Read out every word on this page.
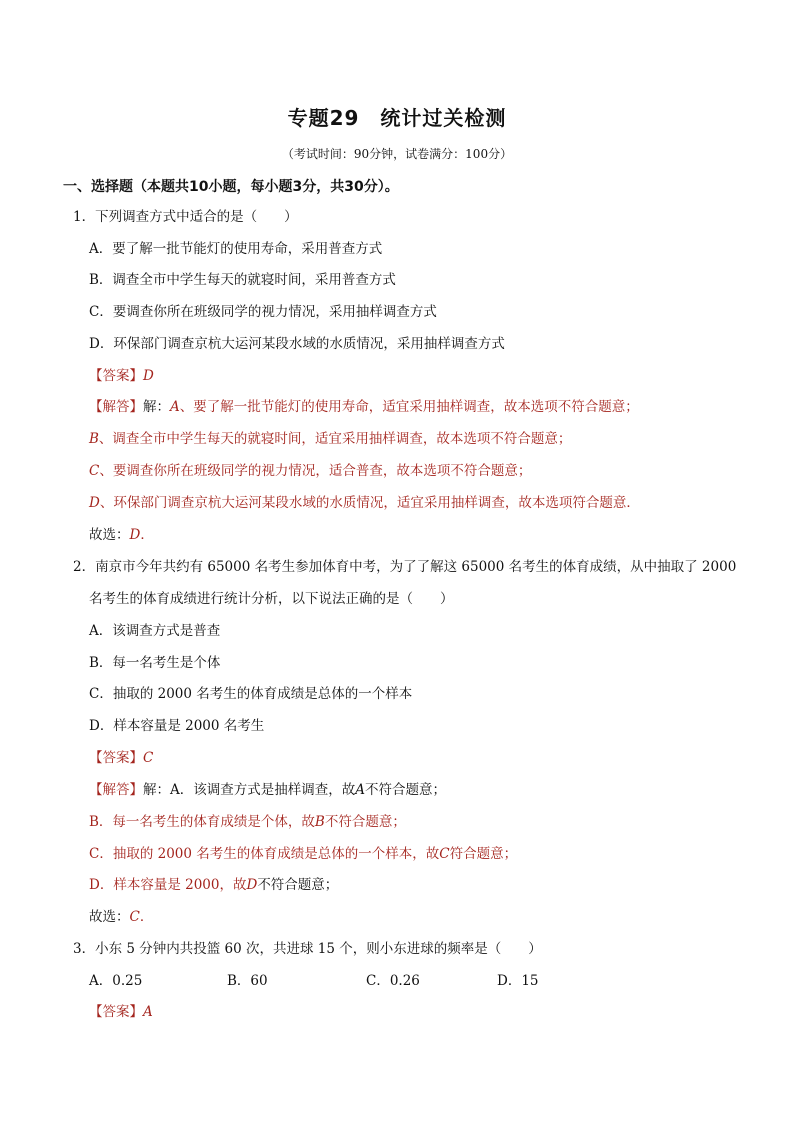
专题29　统计过关检测
（考试时间：90分钟，试卷满分：100分）
一、选择题（本题共10小题，每小题3分，共30分）。
1．下列调查方式中适合的是（　　）
A．要了解一批节能灯的使用寿命，采用普查方式
B．调查全市中学生每天的就寝时间，采用普查方式
C．要调查你所在班级同学的视力情况，采用抽样调查方式
D．环保部门调查京杭大运河某段水域的水质情况，采用抽样调查方式
【答案】D
【解答】解：A、要了解一批节能灯的使用寿命，适宜采用抽样调查，故本选项不符合题意；
B、调查全市中学生每天的就寝时间，适宜采用抽样调查，故本选项不符合题意；
C、要调查你所在班级同学的视力情况，适合普查，故本选项不符合题意；
D、环保部门调查京杭大运河某段水域的水质情况，适宜采用抽样调查，故本选项符合题意．
故选：D．
2．南京市今年共约有 65000 名考生参加体育中考，为了了解这 65000 名考生的体育成绩，从中抽取了 2000
名考生的体育成绩进行统计分析，以下说法正确的是（　　）
A．该调查方式是普查
B．每一名考生是个体
C．抽取的 2000 名考生的体育成绩是总体的一个样本
D．样本容量是 2000 名考生
【答案】C
【解答】解：A．该调查方式是抽样调查，故A不符合题意；
B．每一名考生的体育成绩是个体，故B不符合题意；
C．抽取的 2000 名考生的体育成绩是总体的一个样本，故C符合题意；
D．样本容量是 2000，故D不符合题意；
故选：C．
3．小东 5 分钟内共投篮 60 次，共进球 15 个，则小东进球的频率是（　　）
A．0.25	B．60	C．0.26	D．15
【答案】A
